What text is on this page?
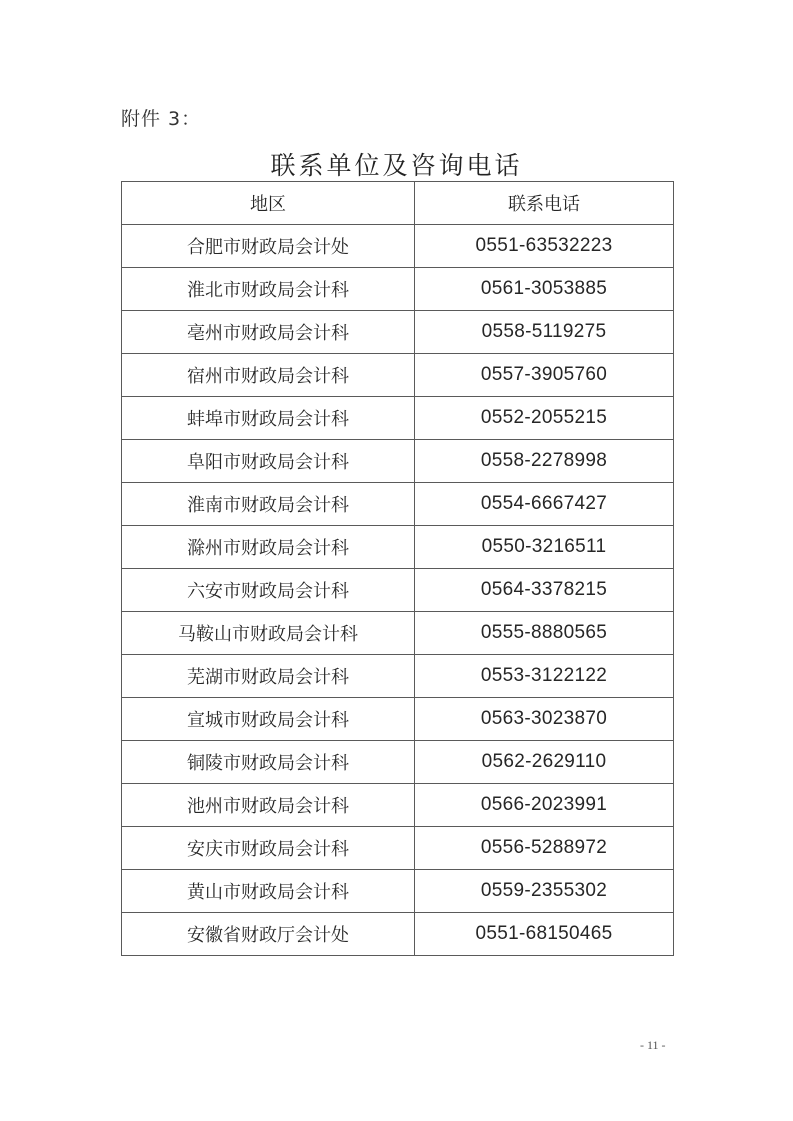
附件 3：
联系单位及咨询电话
地区	联系电话
合肥市财政局会计处	0551-63532223
淮北市财政局会计科	0561-3053885
亳州市财政局会计科	0558-5119275
宿州市财政局会计科	0557-3905760
蚌埠市财政局会计科	0552-2055215
阜阳市财政局会计科	0558-2278998
淮南市财政局会计科	0554-6667427
滁州市财政局会计科	0550-3216511
六安市财政局会计科	0564-3378215
马鞍山市财政局会计科	0555-8880565
芜湖市财政局会计科	0553-3122122
宣城市财政局会计科	0563-3023870
铜陵市财政局会计科	0562-2629110
池州市财政局会计科	0566-2023991
安庆市财政局会计科	0556-5288972
黄山市财政局会计科	0559-2355302
安徽省财政厅会计处	0551-68150465
- 11 -
